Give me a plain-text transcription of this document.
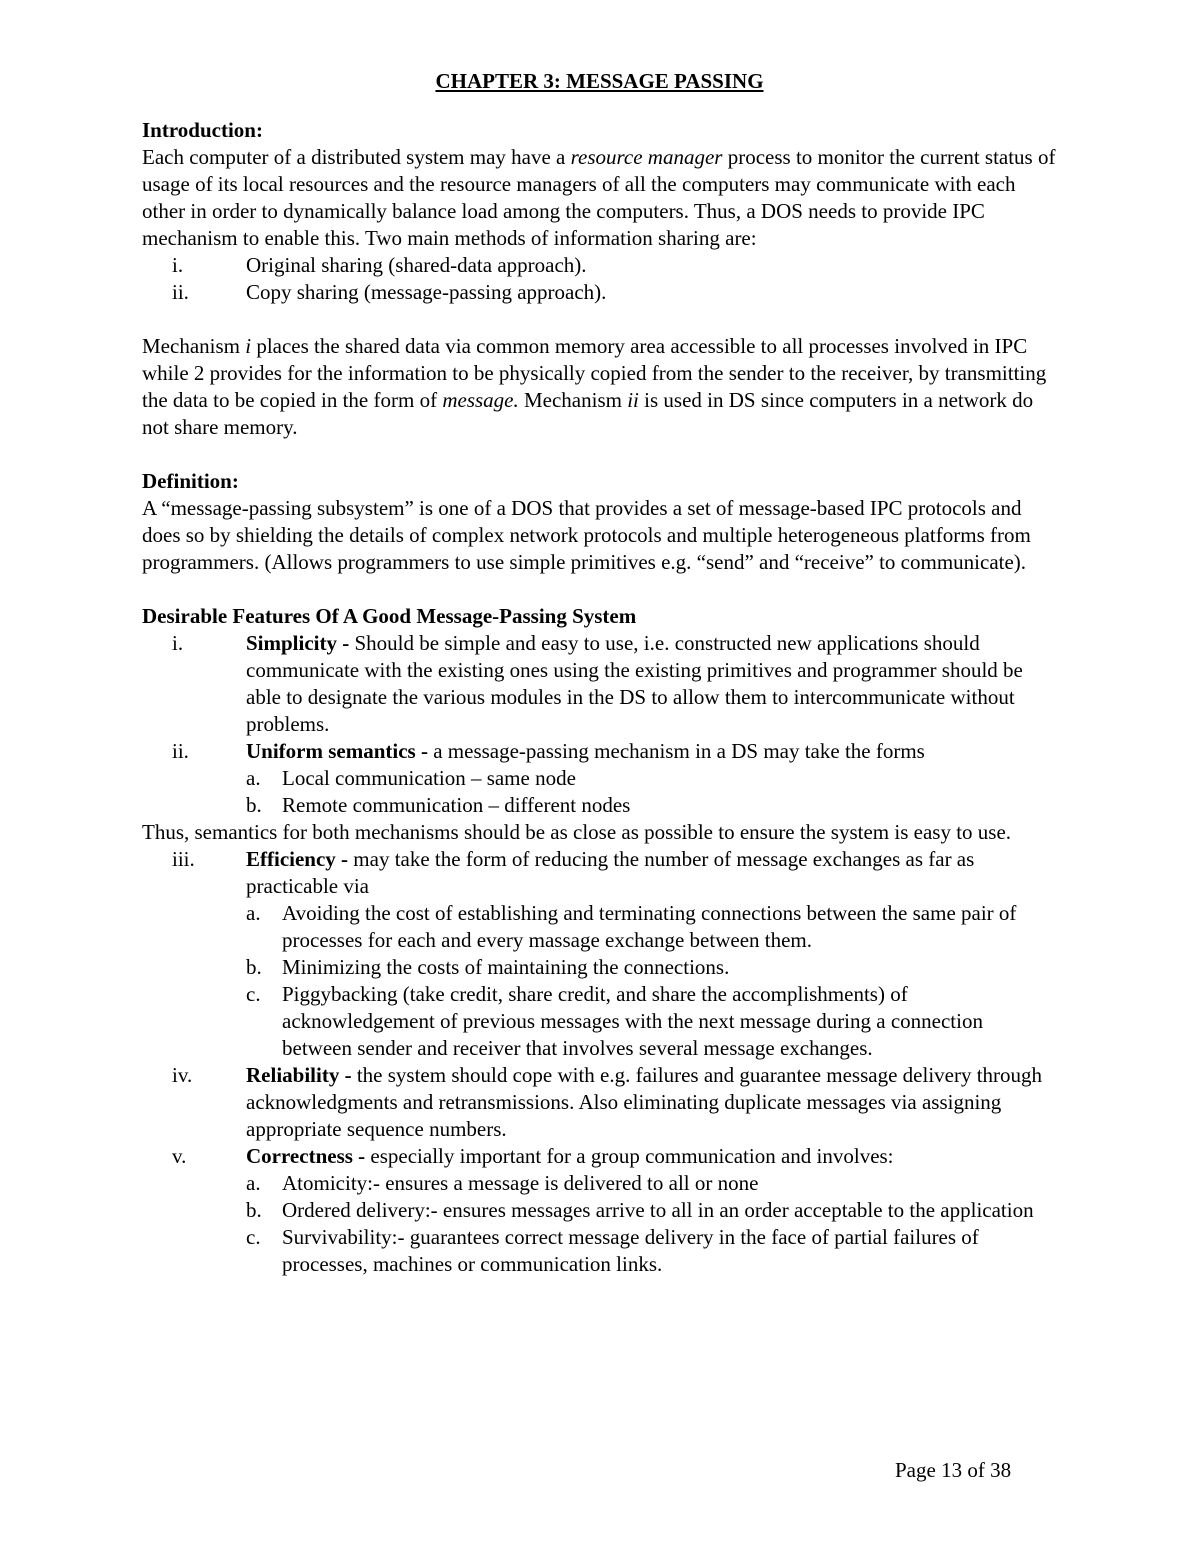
CHAPTER 3: MESSAGE PASSING

Introduction:

Each computer of a distributed system may have a resource manager process to monitor the current status of usage of its local resources and the resource managers of all the computers may communicate with each other in order to dynamically balance load among the computers. Thus, a DOS needs to provide IPC mechanism to enable this. Two main methods of information sharing are:

i.	Original sharing (shared-data approach).
ii.	Copy sharing (message-passing approach).

Mechanism i places the shared data via common memory area accessible to all processes involved in IPC while 2 provides for the information to be physically copied from the sender to the receiver, by transmitting the data to be copied in the form of message. Mechanism ii is used in DS since computers in a network do not share memory.

Definition:

A “message-passing subsystem” is one of a DOS that provides a set of message-based IPC protocols and does so by shielding the details of complex network protocols and multiple heterogeneous platforms from programmers. (Allows programmers to use simple primitives e.g. “send” and “receive” to communicate).

Desirable Features Of A Good Message-Passing System

i.	Simplicity - Should be simple and easy to use, i.e. constructed new applications should communicate with the existing ones using the existing primitives and programmer should be able to designate the various modules in the DS to allow them to intercommunicate without problems.
ii.	Uniform semantics - a message-passing mechanism in a DS may take the forms
a. Local communication – same node
b. Remote communication – different nodes

Thus, semantics for both mechanisms should be as close as possible to ensure the system is easy to use.

iii. Efficiency - may take the form of reducing the number of message exchanges as far as practicable via
a. Avoiding the cost of establishing and terminating connections between the same pair of processes for each and every massage exchange between them.
b. Minimizing the costs of maintaining the connections.
c. Piggybacking (take credit, share credit, and share the accomplishments) of acknowledgement of previous messages with the next message during a connection between sender and receiver that involves several message exchanges.
iv.	Reliability - the system should cope with e.g. failures and guarantee message delivery through acknowledgments and retransmissions. Also eliminating duplicate messages via assigning appropriate sequence numbers.
v.	Correctness - especially important for a group communication and involves:
a. Atomicity:- ensures a message is delivered to all or none
b. Ordered delivery:- ensures messages arrive to all in an order acceptable to the application
c. Survivability:- guarantees correct message delivery in the face of partial failures of processes, machines or communication links.
Page 13 of 38
